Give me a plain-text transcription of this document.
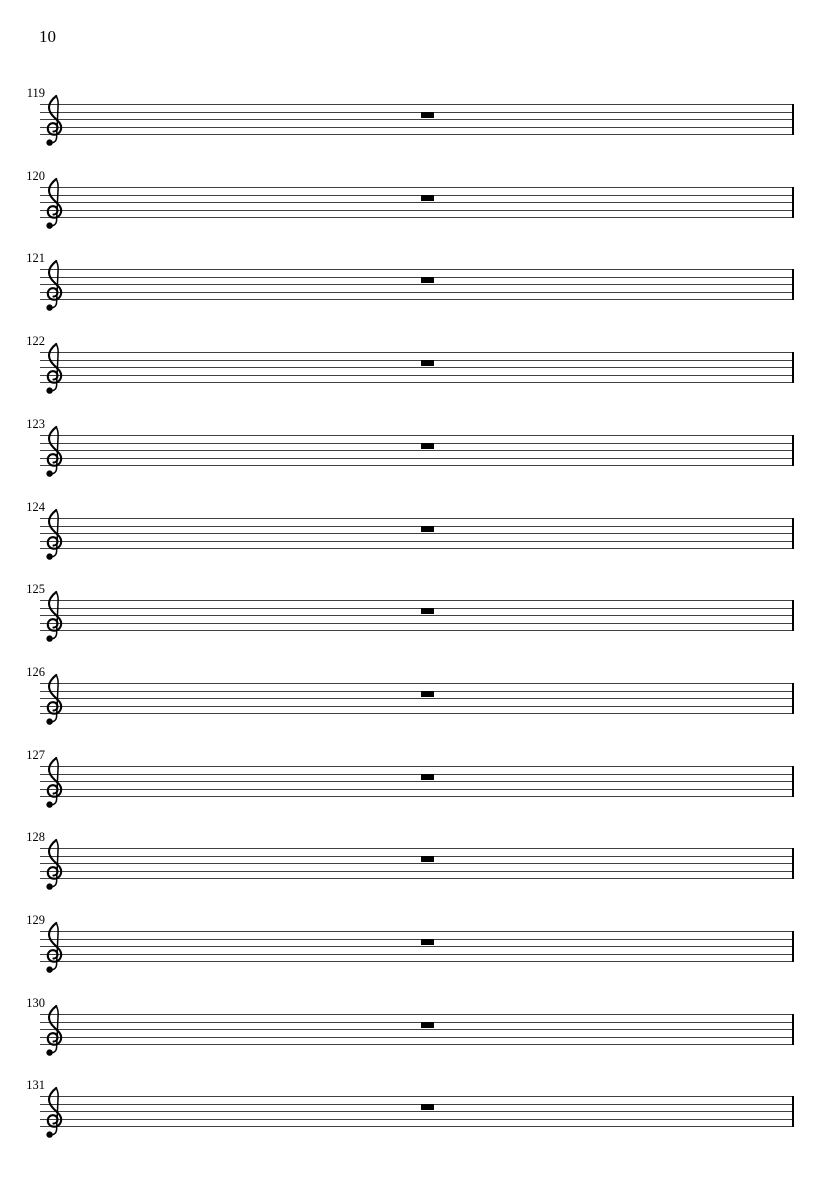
10
119
120
121
122
123
124
125
126
127
128
129
130
131
